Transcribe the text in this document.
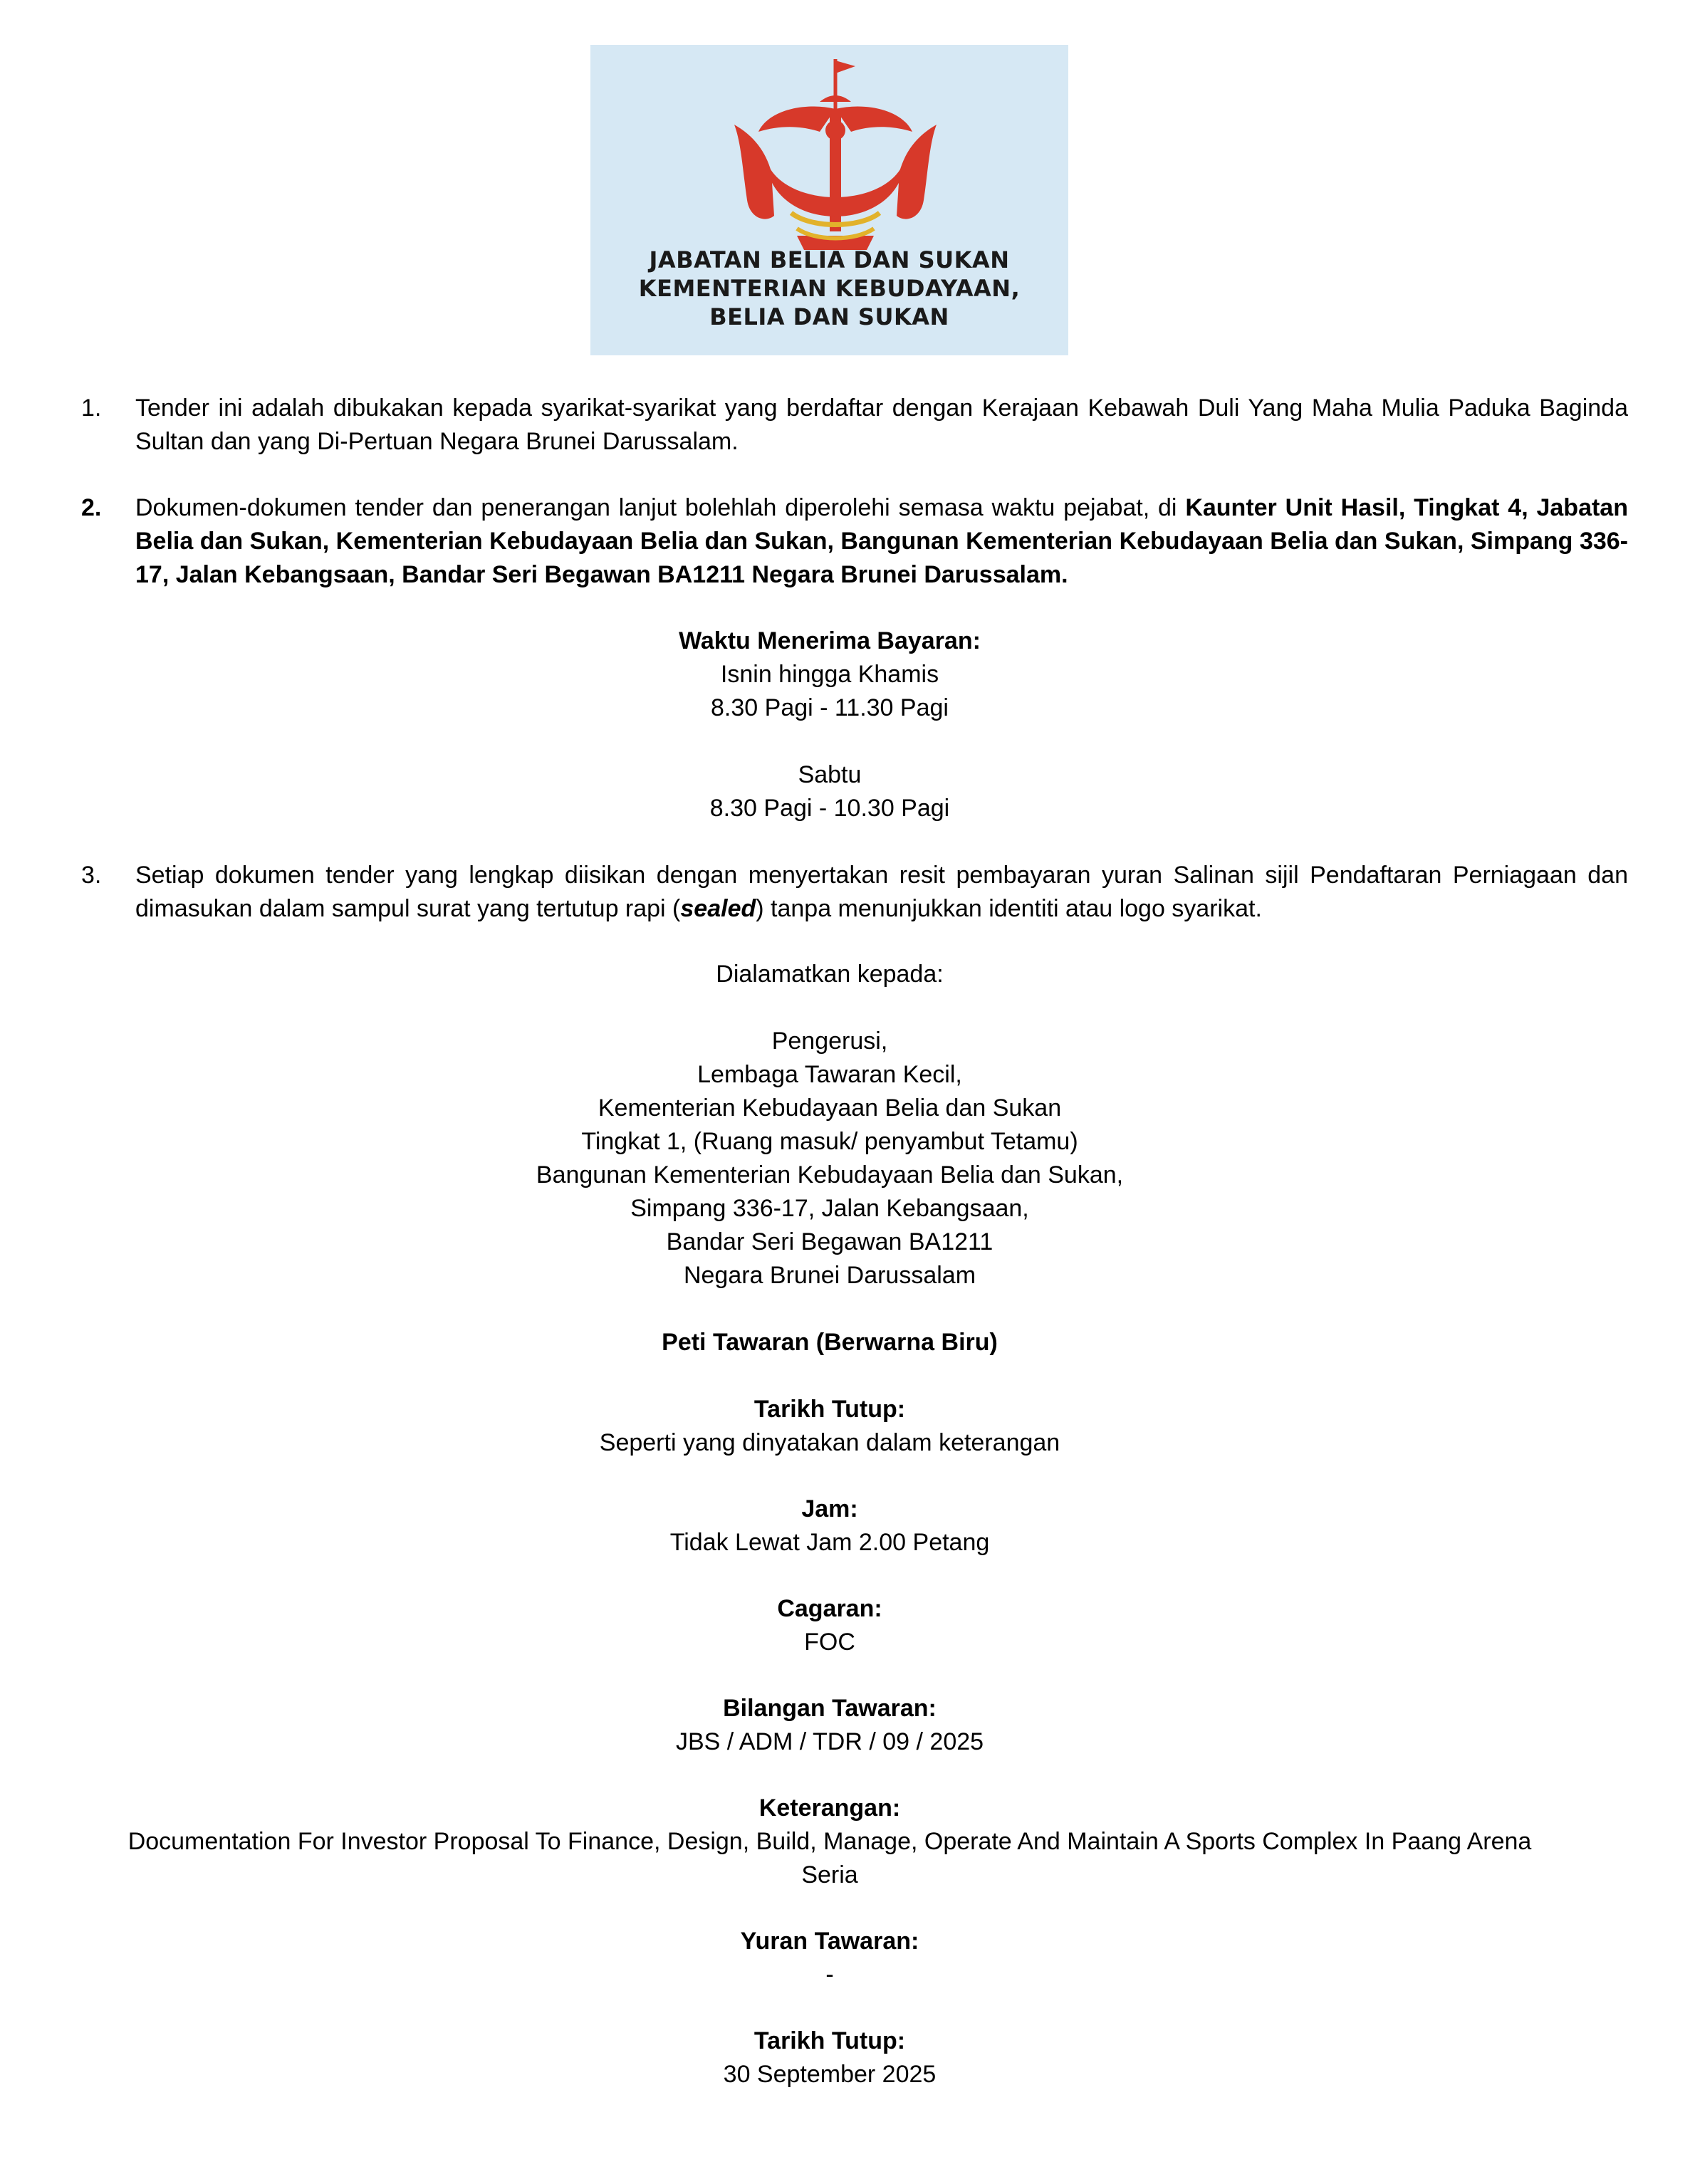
JABATAN BELIA DAN SUKAN
KEMENTERIAN KEBUDAYAAN,
BELIA DAN SUKAN
1. Tender ini adalah dibukakan kepada syarikat-syarikat yang berdaftar dengan Kerajaan Kebawah Duli Yang Maha Mulia Paduka Baginda Sultan dan yang Di-Pertuan Negara Brunei Darussalam.
2. Dokumen-dokumen tender dan penerangan lanjut bolehlah diperolehi semasa waktu pejabat, di Kaunter Unit Hasil, Tingkat 4, Jabatan Belia dan Sukan, Kementerian Kebudayaan Belia dan Sukan, Bangunan Kementerian Kebudayaan Belia dan Sukan, Simpang 336-17, Jalan Kebangsaan, Bandar Seri Begawan BA1211 Negara Brunei Darussalam.
Waktu Menerima Bayaran:
Isnin hingga Khamis
8.30 Pagi - 11.30 Pagi
Sabtu
8.30 Pagi - 10.30 Pagi
3. Setiap dokumen tender yang lengkap diisikan dengan menyertakan resit pembayaran yuran Salinan sijil Pendaftaran Perniagaan dan dimasukan dalam sampul surat yang tertutup rapi (sealed) tanpa menunjukkan identiti atau logo syarikat.
Dialamatkan kepada:
Pengerusi,
Lembaga Tawaran Kecil,
Kementerian Kebudayaan Belia dan Sukan
Tingkat 1, (Ruang masuk/ penyambut Tetamu)
Bangunan Kementerian Kebudayaan Belia dan Sukan,
Simpang 336-17, Jalan Kebangsaan,
Bandar Seri Begawan BA1211
Negara Brunei Darussalam
Peti Tawaran (Berwarna Biru)
Tarikh Tutup:
Seperti yang dinyatakan dalam keterangan
Jam:
Tidak Lewat Jam 2.00 Petang
Cagaran:
FOC
Bilangan Tawaran:
JBS / ADM / TDR / 09 / 2025
Keterangan:
Documentation For Investor Proposal To Finance, Design, Build, Manage, Operate And Maintain A Sports Complex In Paang Arena
Seria
Yuran Tawaran:
-
Tarikh Tutup:
30 September 2025
